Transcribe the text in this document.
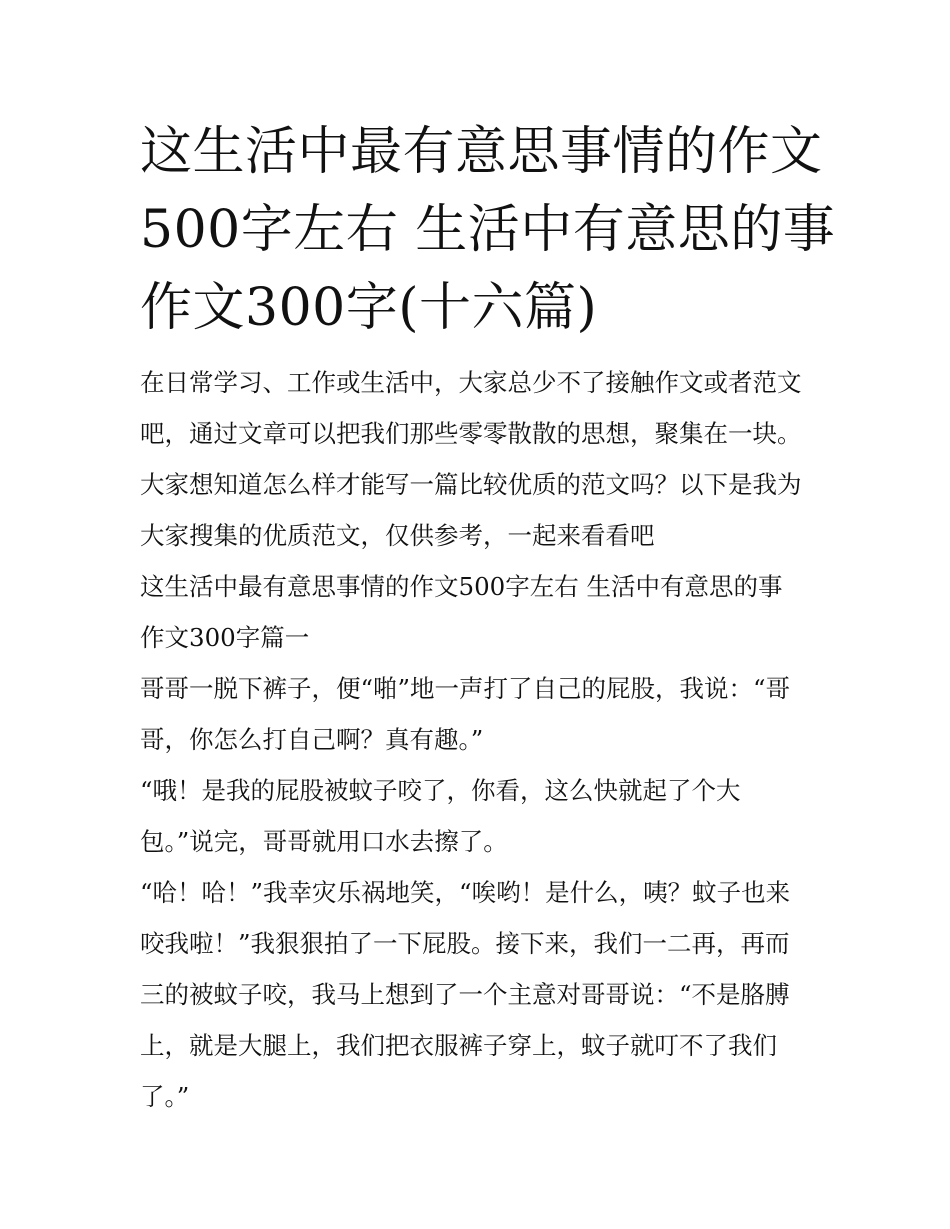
这生活中最有意思事情的作文
500字左右 生活中有意思的事
作文300字(十六篇)

在日常学习、工作或生活中，大家总少不了接触作文或者范文
吧，通过文章可以把我们那些零零散散的思想，聚集在一块。
大家想知道怎么样才能写一篇比较优质的范文吗？以下是我为
大家搜集的优质范文，仅供参考，一起来看看吧

这生活中最有意思事情的作文500字左右 生活中有意思的事
作文300字篇一

哥哥一脱下裤子，便“啪”地一声打了自己的屁股，我说：“哥
哥，你怎么打自己啊？真有趣。”

“哦！是我的屁股被蚊子咬了，你看，这么快就起了个大
包。”说完，哥哥就用口水去擦了。

“哈！哈！”我幸灾乐祸地笑，“唉哟！是什么，咦？蚊子也来
咬我啦！”我狠狠拍了一下屁股。接下来，我们一二再，再而
三的被蚊子咬，我马上想到了一个主意对哥哥说：“不是胳膊
上，就是大腿上，我们把衣服裤子穿上，蚊子就叮不了我们
了。”
